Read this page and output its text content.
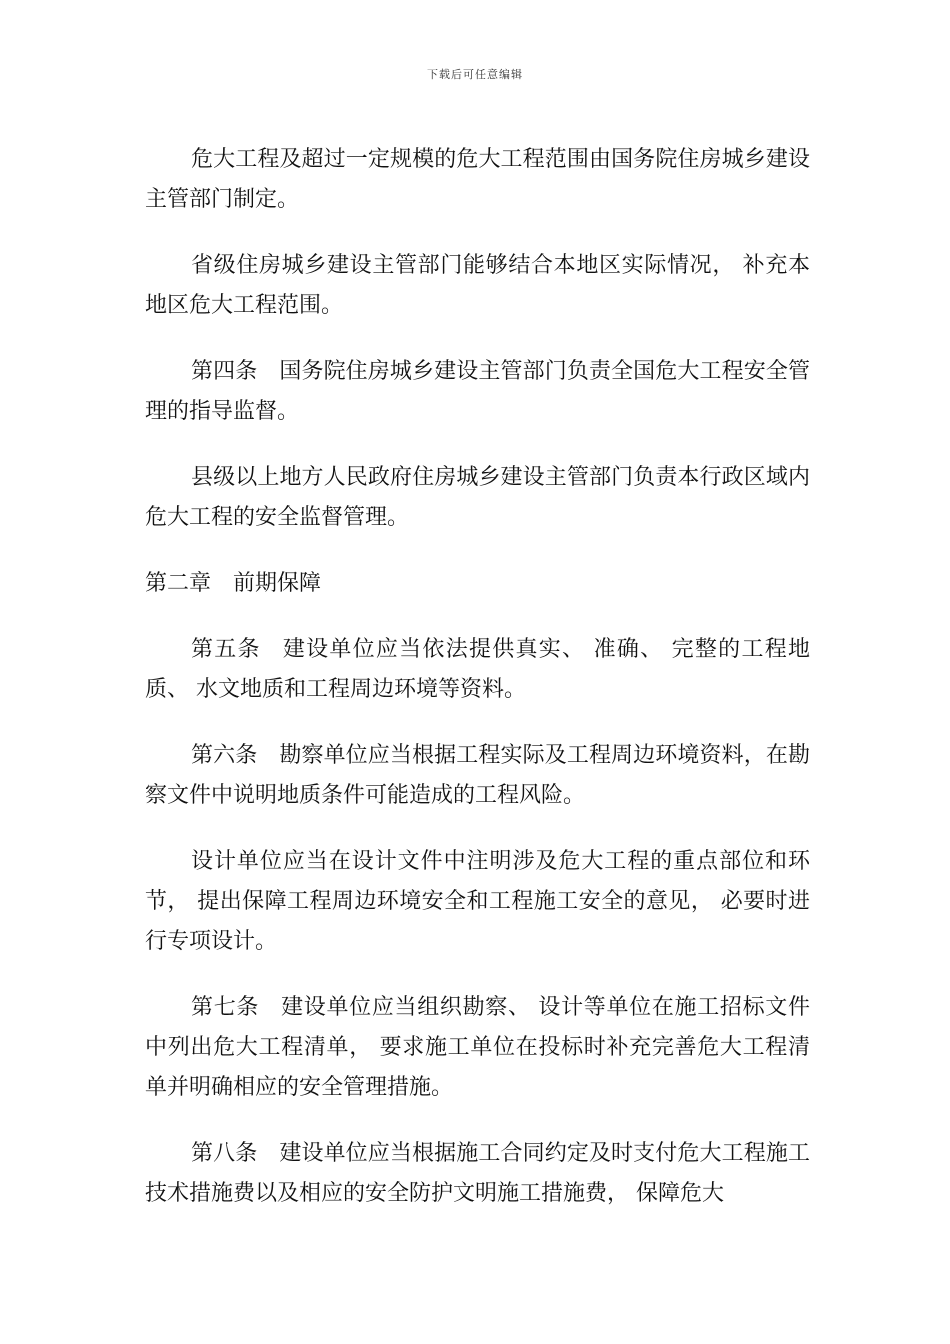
下载后可任意编辑

危大工程及超过一定规模的危大工程范围由国务院住房城乡建设主管部门制定。

省级住房城乡建设主管部门能够结合本地区实际情况， 补充本地区危大工程范围。

第四条 国务院住房城乡建设主管部门负责全国危大工程安全管理的指导监督。

县级以上地方人民政府住房城乡建设主管部门负责本行政区域内危大工程的安全监督管理。

第二章 前期保障

第五条 建设单位应当依法提供真实、 准确、 完整的工程地质、 水文地质和工程周边环境等资料。

第六条 勘察单位应当根据工程实际及工程周边环境资料，在勘察文件中说明地质条件可能造成的工程风险。

设计单位应当在设计文件中注明涉及危大工程的重点部位和环节， 提出保障工程周边环境安全和工程施工安全的意见， 必要时进行专项设计。

第七条 建设单位应当组织勘察、 设计等单位在施工招标文件中列出危大工程清单， 要求施工单位在投标时补充完善危大工程清单并明确相应的安全管理措施。

第八条 建设单位应当根据施工合同约定及时支付危大工程施工技术措施费以及相应的安全防护文明施工措施费， 保障危大
